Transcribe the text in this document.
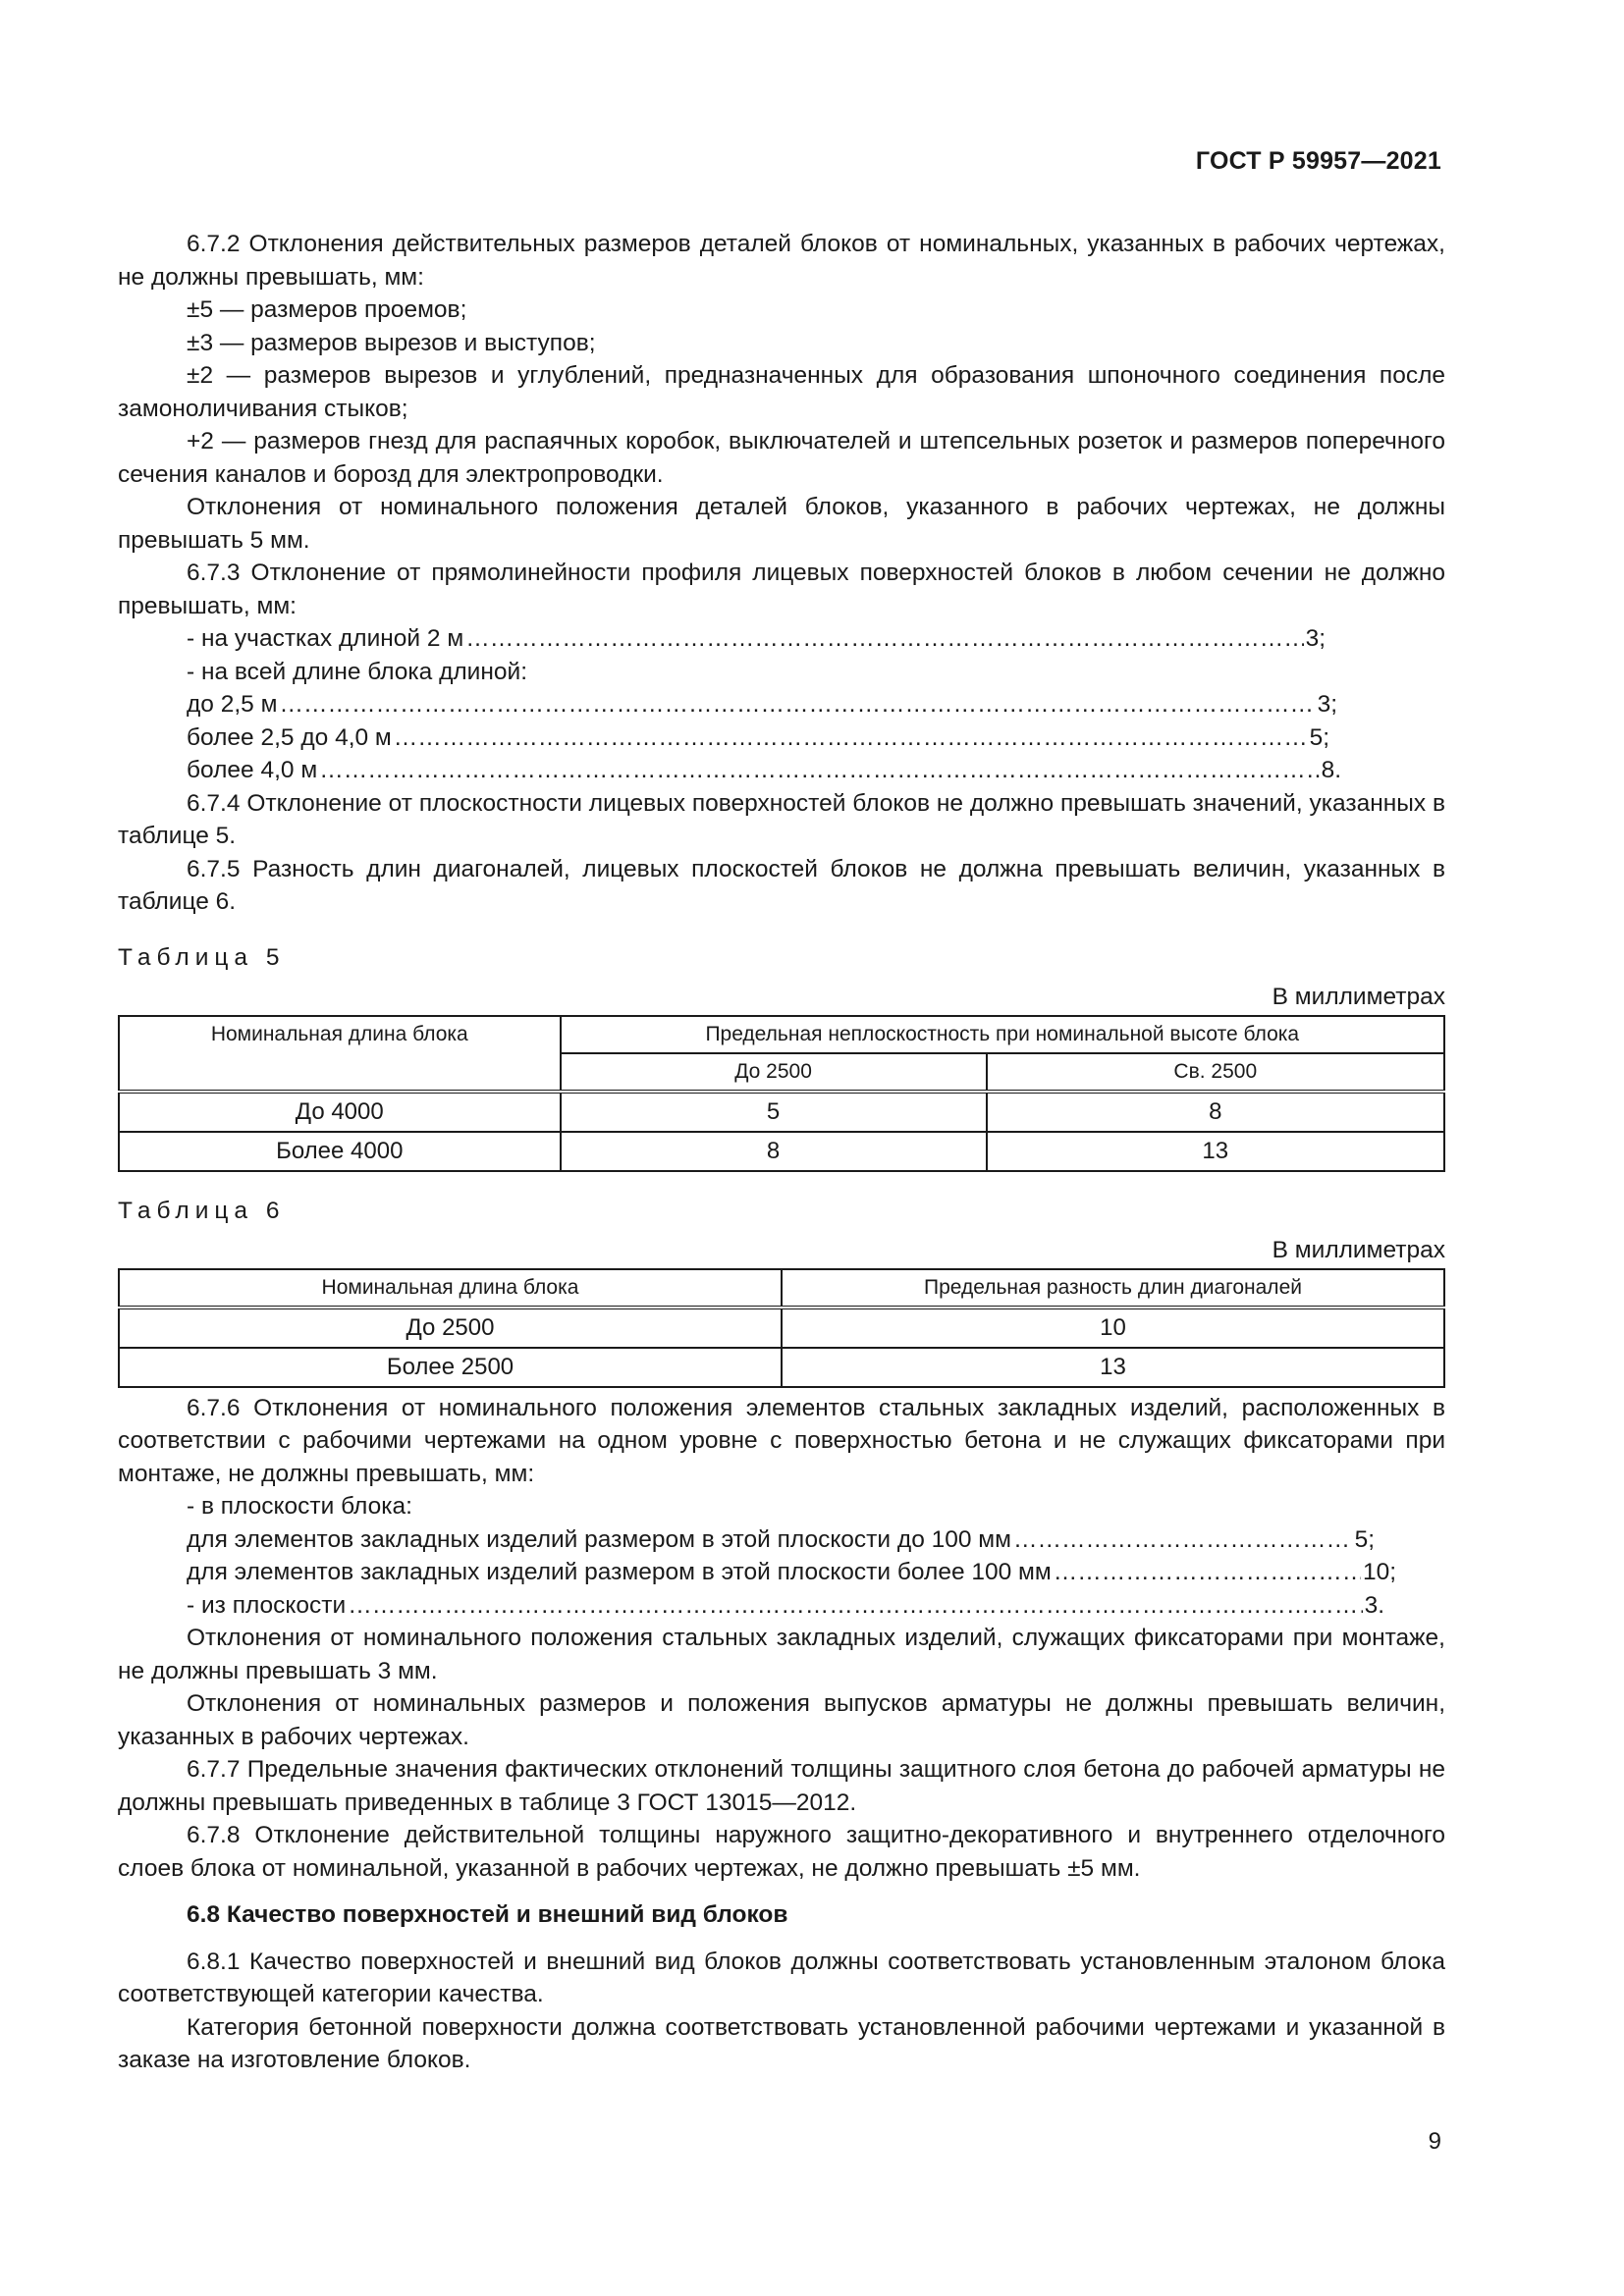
ГОСТ Р 59957—2021

6.7.2 Отклонения действительных размеров деталей блоков от номинальных, указанных в рабочих чертежах, не должны превышать, мм:

±5 — размеров проемов;

±3 — размеров вырезов и выступов;

±2 — размеров вырезов и углублений, предназначенных для образования шпоночного соединения после замоноличивания стыков;

+2 — размеров гнезд для распаячных коробок, выключателей и штепсельных розеток и размеров поперечного сечения каналов и борозд для электропроводки.

Отклонения от номинального положения деталей блоков, указанного в рабочих чертежах, не должны превышать 5 мм.

6.7.3 Отклонение от прямолинейности профиля лицевых поверхностей блоков в любом сечении не должно превышать, мм:

- на участках длиной 2 м ……………………………………………………………………………………………………………………………………………………………………………………………	3;

- на всей длине блока длиной:

до 2,5 м ……………………………………………………………………………………………………………………………………………………………………………………………	3;
более 2,5 до 4,0 м ……………………………………………………………………………………………………………………………………………………………………………………………	5;
более 4,0 м ……………………………………………………………………………………………………………………………………………………………………………………………	8.

6.7.4 Отклонение от плоскостности лицевых поверхностей блоков не должно превышать значений, указанных в таблице 5.

6.7.5 Разность длин диагоналей, лицевых плоскостей блоков не должна превышать величин, указанных в таблице 6.

Таблица 5

В миллиметрах

Номинальная длина блока	Предельная неплоскостность при номинальной высоте блока	
	До 2500	Св. 2500
До 4000	5	8
Более 4000	8	13

Таблица 6

В миллиметрах

Номинальная длина блока	Предельная разность длин диагоналей
До 2500	10
Более 2500	13

6.7.6 Отклонения от номинального положения элементов стальных закладных изделий, расположенных в соответствии с рабочими чертежами на одном уровне с поверхностью бетона и не служащих фиксаторами при монтаже, не должны превышать, мм:

- в плоскости блока:

для элементов закладных изделий размером в этой плоскости до 100 мм ……………………………………………………………………………………………………………………………………………………………………………………………	5;
для элементов закладных изделий размером в этой плоскости более 100 мм ……………………………………………………………………………………………………………………………………………………………………………………………	10;
- из плоскости ……………………………………………………………………………………………………………………………………………………………………………………………	3.

Отклонения от номинального положения стальных закладных изделий, служащих фиксаторами при монтаже, не должны превышать 3 мм.

Отклонения от номинальных размеров и положения выпусков арматуры не должны превышать величин, указанных в рабочих чертежах.

6.7.7 Предельные значения фактических отклонений толщины защитного слоя бетона до рабочей арматуры не должны превышать приведенных в таблице 3 ГОСТ 13015—2012.

6.7.8 Отклонение действительной толщины наружного защитно-декоративного и внутреннего отделочного слоев блока от номинальной, указанной в рабочих чертежах, не должно превышать ±5 мм.

6.8 Качество поверхностей и внешний вид блоков

6.8.1 Качество поверхностей и внешний вид блоков должны соответствовать установленным эталоном блока соответствующей категории качества.

Категория бетонной поверхности должна соответствовать установленной рабочими чертежами и указанной в заказе на изготовление блоков.

9
